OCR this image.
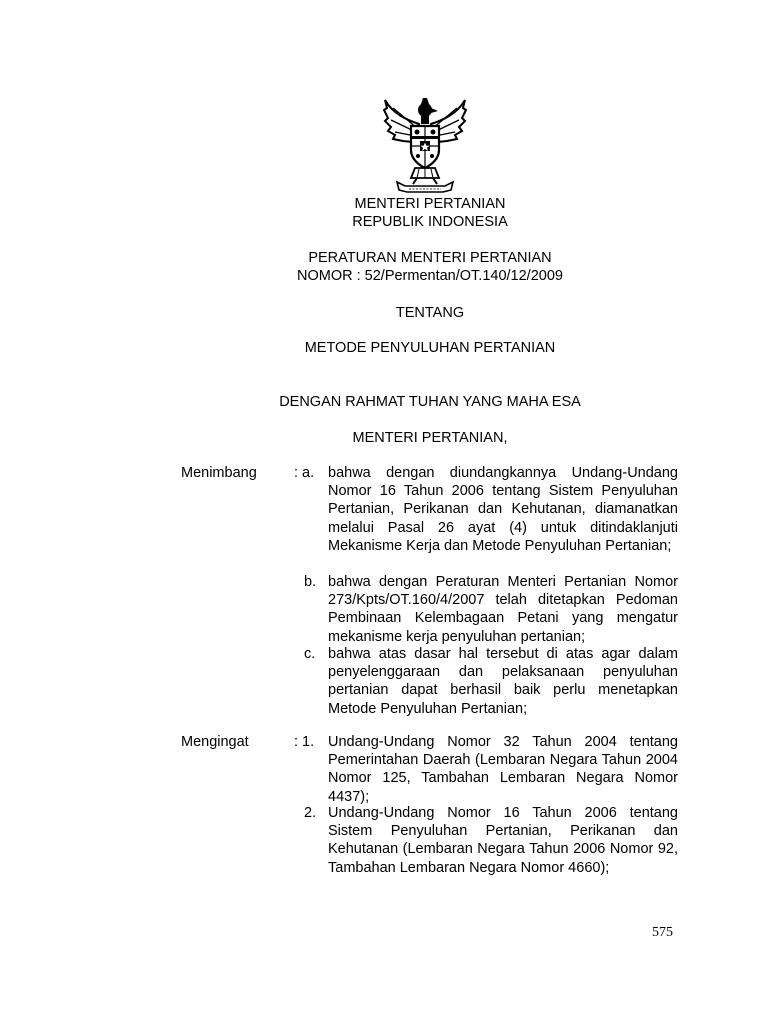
MENTERI PERTANIAN
REPUBLIK INDONESIA
PERATURAN MENTERI PERTANIAN
NOMOR : 52/Permentan/OT.140/12/2009
TENTANG
METODE PENYULUHAN PERTANIAN
DENGAN RAHMAT TUHAN YANG MAHA ESA
MENTERI PERTANIAN,
Menimbang	: a. bahwa dengan diundangkannya Undang-Undang Nomor 16 Tahun 2006 tentang Sistem Penyuluhan Pertanian, Perikanan dan Kehutanan, diamanatkan melalui Pasal 26 ayat (4) untuk ditindaklanjuti Mekanisme Kerja dan Metode Penyuluhan Pertanian;
b. bahwa dengan Peraturan Menteri Pertanian Nomor 273/Kpts/OT.160/4/2007 telah ditetapkan Pedoman Pembinaan Kelembagaan Petani yang mengatur mekanisme kerja penyuluhan pertanian;
c. bahwa atas dasar hal tersebut di atas agar dalam penyelenggaraan dan pelaksanaan penyuluhan pertanian dapat berhasil baik perlu menetapkan Metode Penyuluhan Pertanian;
Mengingat	: 1. Undang-Undang Nomor 32 Tahun 2004 tentang Pemerintahan Daerah (Lembaran Negara Tahun 2004 Nomor 125, Tambahan Lembaran Negara Nomor 4437);
2. Undang-Undang Nomor 16 Tahun 2006 tentang Sistem Penyuluhan Pertanian, Perikanan dan Kehutanan (Lembaran Negara Tahun 2006 Nomor 92, Tambahan Lembaran Negara Nomor 4660);
575
